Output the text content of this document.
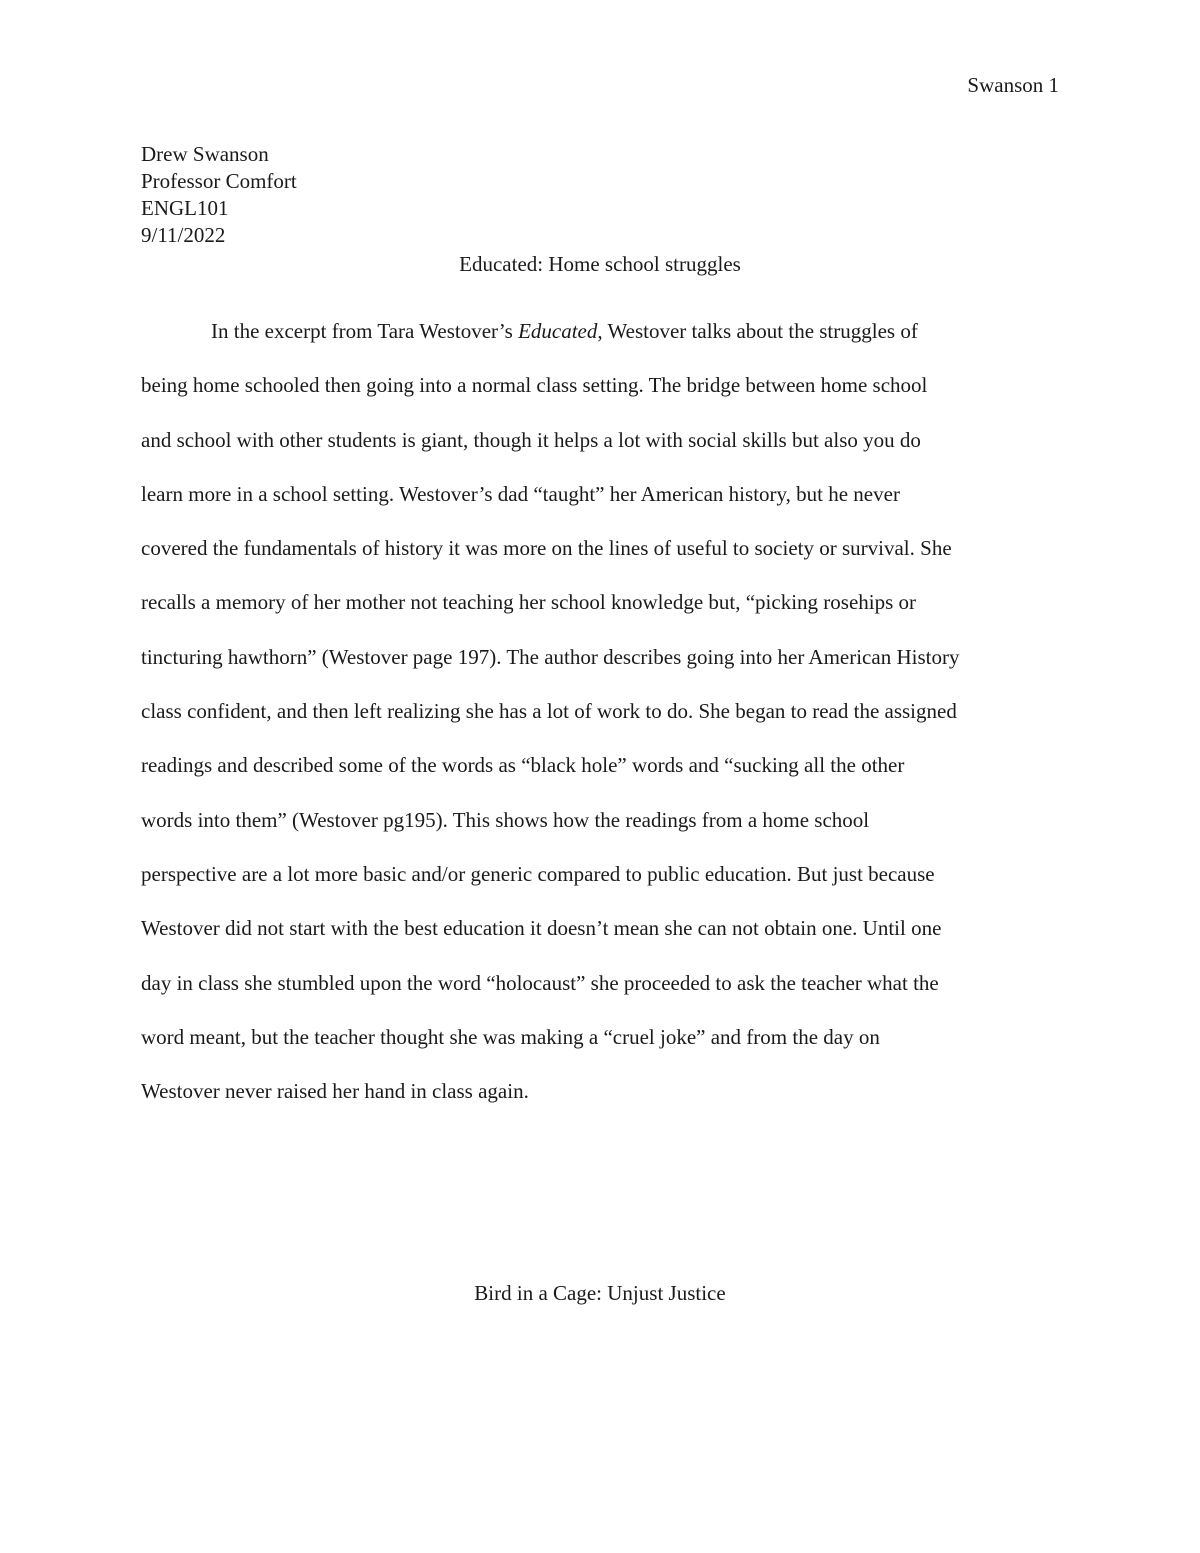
Swanson 1
Drew Swanson
Professor Comfort
ENGL101
9/11/2022
Educated: Home school struggles
In the excerpt from Tara Westover’s Educated, Westover talks about the struggles of
being home schooled then going into a normal class setting. The bridge between home school
and school with other students is giant, though it helps a lot with social skills but also you do
learn more in a school setting. Westover’s dad “taught” her American history, but he never
covered the fundamentals of history it was more on the lines of useful to society or survival. She
recalls a memory of her mother not teaching her school knowledge but, “picking rosehips or
tincturing hawthorn” (Westover page 197). The author describes going into her American History
class confident, and then left realizing she has a lot of work to do. She began to read the assigned
readings and described some of the words as “black hole” words and “sucking all the other
words into them” (Westover pg195). This shows how the readings from a home school
perspective are a lot more basic and/or generic compared to public education. But just because
Westover did not start with the best education it doesn’t mean she can not obtain one. Until one
day in class she stumbled upon the word “holocaust” she proceeded to ask the teacher what the
word meant, but the teacher thought she was making a “cruel joke” and from the day on
Westover never raised her hand in class again.
Bird in a Cage: Unjust Justice
